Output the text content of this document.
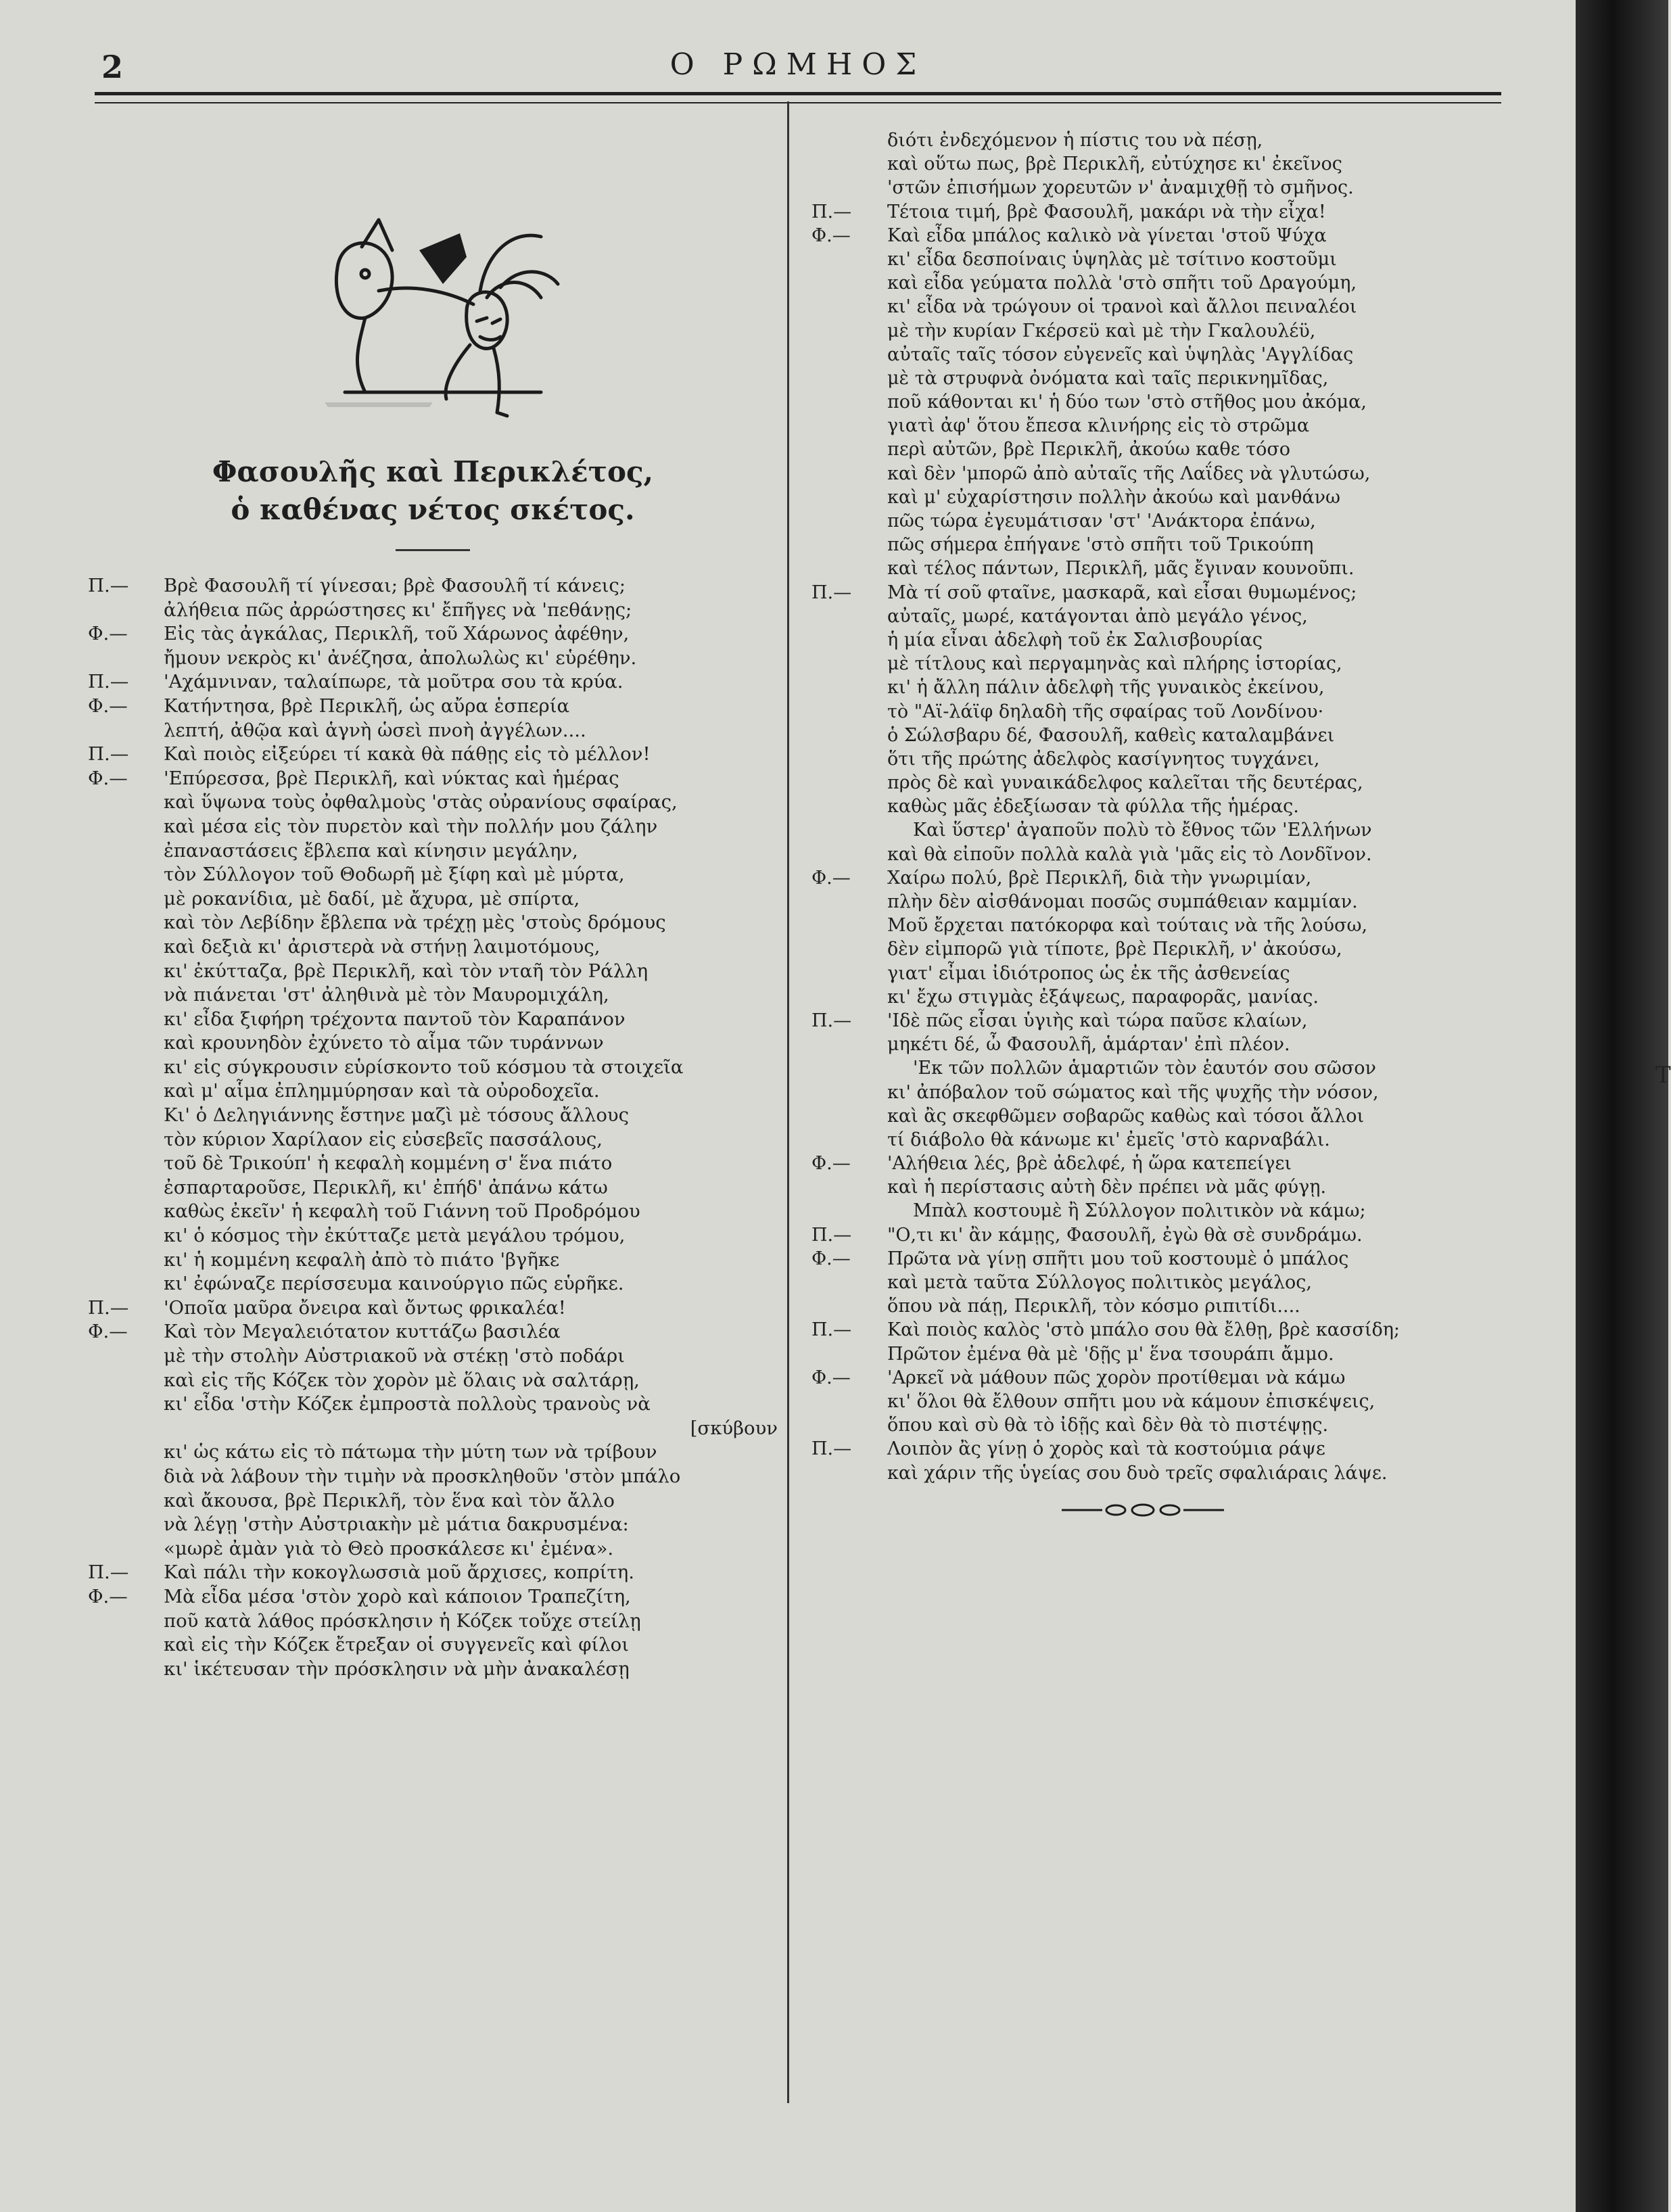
2	Ο ΡΩΜΗΟΣ
Φασουλῆς καὶ Περικλέτος,
ὁ καθένας νέτος σκέτος.
Π.— Βρὲ Φασουλῆ τί γίνεσαι; βρὲ Φασουλῆ τί κάνεις;
ἀλήθεια πῶς ἀρρώστησες κι' ἔπῆγες νὰ 'πεθάνῃς;
Φ.— Εἰς τὰς ἀγκάλας, Περικλῆ, τοῦ Χάρωνος ἀφέθην,
ἤμουν νεκρὸς κι' ἀνέζησα, ἀπολωλὼς κι' εὑρέθην.
Π.— 'Αχάμνιναν, ταλαίπωρε, τὰ μοῦτρα σου τὰ κρύα.
Φ.— Κατήντησα, βρὲ Περικλῆ, ὡς αὔρα ἑσπερία
λεπτή, ἀθῷα καὶ ἁγνὴ ὡσεὶ πνοὴ ἀγγέλων....
Π.— Καὶ ποιὸς εἰξεύρει τί κακὰ θὰ πάθῃς εἰς τὸ μέλλον!
Φ.— 'Επύρεσσα, βρὲ Περικλῆ, καὶ νύκτας καὶ ἡμέρας
καὶ ὕψωνα τοὺς ὀφθαλμοὺς 'στὰς οὐρανίους σφαίρας,
καὶ μέσα εἰς τὸν πυρετὸν καὶ τὴν πολλήν μου ζάλην
ἐπαναστάσεις ἔβλεπα καὶ κίνησιν μεγάλην,
τὸν Σύλλογον τοῦ Θοδωρῆ μὲ ξίφη καὶ μὲ μύρτα,
μὲ ροκανίδια, μὲ δαδί, μὲ ἄχυρα, μὲ σπίρτα,
καὶ τὸν Λεβίδην ἔβλεπα νὰ τρέχῃ μὲς 'στοὺς δρόμους
καὶ δεξιὰ κι' ἀριστερὰ νὰ στήνῃ λαιμοτόμους,
κι' ἐκύτταζα, βρὲ Περικλῆ, καὶ τὸν νταῆ τὸν Ράλλη
νὰ πιάνεται 'στ' ἀληθινὰ μὲ τὸν Μαυρομιχάλη,
κι' εἶδα ξιφήρη τρέχοντα παντοῦ τὸν Καραπάνον
καὶ κρουνηδὸν ἐχύνετο τὸ αἷμα τῶν τυράννων
κι' εἰς σύγκρουσιν εὑρίσκοντο τοῦ κόσμου τὰ στοιχεῖα
καὶ μ' αἷμα ἐπλημμύρησαν καὶ τὰ οὐροδοχεῖα.
Κι' ὁ Δεληγιάννης ἔστηνε μαζὶ μὲ τόσους ἄλλους
τὸν κύριον Χαρίλαον εἰς εὐσεβεῖς πασσάλους,
τοῦ δὲ Τρικούπ' ἡ κεφαλὴ κομμένη σ' ἕνα πιάτο
ἐσπαρταροῦσε, Περικλῆ, κι' ἐπήδ' ἀπάνω κάτω
καθὼς ἐκεῖν' ἡ κεφαλὴ τοῦ Γιάννη τοῦ Προδρόμου
κι' ὁ κόσμος τὴν ἐκύτταζε μετὰ μεγάλου τρόμου,
κι' ἡ κομμένη κεφαλὴ ἀπὸ τὸ πιάτο 'βγῆκε
κι' ἐφώναζε περίσσευμα καινούργιο πῶς εὑρῆκε.
Π.— 'Οποῖα μαῦρα ὄνειρα καὶ ὄντως φρικαλέα!
Φ.— Καὶ τὸν Μεγαλειότατον κυττάζω βασιλέα
μὲ τὴν στολὴν Αὐστριακοῦ νὰ στέκῃ 'στὸ ποδάρι
καὶ εἰς τῆς Κόζεκ τὸν χορὸν μὲ ὅλαις νὰ σαλτάρῃ,
κι' εἶδα 'στὴν Κόζεκ ἐμπροστὰ πολλοὺς τρανοὺς νὰ
[σκύβουν
κι' ὡς κάτω εἰς τὸ πάτωμα τὴν μύτη των νὰ τρίβουν
διὰ νὰ λάβουν τὴν τιμὴν νὰ προσκληθοῦν 'στὸν μπάλο
καὶ ἄκουσα, βρὲ Περικλῆ, τὸν ἕνα καὶ τὸν ἄλλο
νὰ λέγῃ 'στὴν Αὐστριακὴν μὲ μάτια δακρυσμένα:
«μωρὲ ἀμὰν γιὰ τὸ Θεὸ προσκάλεσε κι' ἐμένα».
Π.— Καὶ πάλι τὴν κοκογλωσσιὰ μοῦ ἄρχισες, κοπρίτη.
Φ.— Μὰ εἶδα μέσα 'στὸν χορὸ καὶ κάποιον Τραπεζίτη,
ποῦ κατὰ λάθος πρόσκλησιν ἡ Κόζεκ τοὔχε στείλῃ
καὶ εἰς τὴν Κόζεκ ἔτρεξαν οἱ συγγενεῖς καὶ φίλοι
κι' ἱκέτευσαν τὴν πρόσκλησιν νὰ μὴν ἀνακαλέσῃ
διότι ἐνδεχόμενον ἡ πίστις του νὰ πέσῃ,
καὶ οὕτω πως, βρὲ Περικλῆ, εὐτύχησε κι' ἐκεῖνος
'στῶν ἐπισήμων χορευτῶν ν' ἀναμιχθῇ τὸ σμῆνος.
Π.— Τέτοια τιμή, βρὲ Φασουλῆ, μακάρι νὰ τὴν εἶχα!
Φ.— Καὶ εἶδα μπάλος καλικὸ νὰ γίνεται 'στοῦ Ψύχα
κι' εἶδα δεσποίναις ὑψηλὰς μὲ τσίτινο κοστοῦμι
καὶ εἶδα γεύματα πολλὰ 'στὸ σπῆτι τοῦ Δραγούμη,
κι' εἶδα νὰ τρώγουν οἱ τρανοὶ καὶ ἄλλοι πειναλέοι
μὲ τὴν κυρίαν Γκέρσεϋ καὶ μὲ τὴν Γκαλουλέϋ,
αὐταῖς ταῖς τόσον εὐγενεῖς καὶ ὑψηλὰς 'Αγγλίδας
μὲ τὰ στρυφνὰ ὀνόματα καὶ ταῖς περικνημῖδας,
ποῦ κάθονται κι' ἡ δύο των 'στὸ στῆθος μου ἀκόμα,
γιατὶ ἀφ' ὅτου ἔπεσα κλινήρης εἰς τὸ στρῶμα
περὶ αὐτῶν, βρὲ Περικλῆ, ἀκούω καθε τόσο
καὶ δὲν 'μπορῶ ἀπὸ αὐταῖς τῆς Λαΐδες νὰ γλυτώσω,
καὶ μ' εὐχαρίστησιν πολλὴν ἀκούω καὶ μανθάνω
πῶς τώρα ἐγευμάτισαν 'στ' 'Ανάκτορα ἐπάνω,
πῶς σήμερα ἐπήγανε 'στὸ σπῆτι τοῦ Τρικούπη
καὶ τέλος πάντων, Περικλῆ, μᾶς ἔγιναν κουνοῦπι.
Π.— Μὰ τί σοῦ φταῖνε, μασκαρᾶ, καὶ εἶσαι θυμωμένος;
αὐταῖς, μωρέ, κατάγονται ἀπὸ μεγάλο γένος,
ἡ μία εἶναι ἀδελφὴ τοῦ ἐκ Σαλισβουρίας
μὲ τίτλους καὶ περγαμηνὰς καὶ πλήρης ἱστορίας,
κι' ἡ ἄλλη πάλιν ἀδελφὴ τῆς γυναικὸς ἐκείνου,
τὸ "Αϊ-λάϊφ δηλαδὴ τῆς σφαίρας τοῦ Λονδίνου·
ὁ Σώλσβαρυ δέ, Φασουλῆ, καθεὶς καταλαμβάνει
ὅτι τῆς πρώτης ἀδελφὸς κασίγνητος τυγχάνει,
πρὸς δὲ καὶ γυναικάδελφος καλεῖται τῆς δευτέρας,
καθὼς μᾶς ἐδεξίωσαν τὰ φύλλα τῆς ἡμέρας.
Καὶ ὕστερ' ἀγαποῦν πολὺ τὸ ἔθνος τῶν 'Ελλήνων
καὶ θὰ εἰποῦν πολλὰ καλὰ γιὰ 'μᾶς εἰς τὸ Λονδῖνον.
Φ.— Χαίρω πολύ, βρὲ Περικλῆ, διὰ τὴν γνωριμίαν,
πλὴν δὲν αἰσθάνομαι ποσῶς συμπάθειαν καμμίαν.
Μοῦ ἔρχεται πατόκορφα καὶ τούταις νὰ τῆς λούσω,
δὲν εἰμπορῶ γιὰ τίποτε, βρὲ Περικλῆ, ν' ἀκούσω,
γιατ' εἶμαι ἰδιότροπος ὡς ἐκ τῆς ἀσθενείας
κι' ἔχω στιγμὰς ἐξάψεως, παραφορᾶς, μανίας.
Π.— 'Ιδὲ πῶς εἶσαι ὑγιὴς καὶ τώρα παῦσε κλαίων,
μηκέτι δέ, ὦ Φασουλῆ, ἁμάρταν' ἐπὶ πλέον.
'Εκ τῶν πολλῶν ἁμαρτιῶν τὸν ἑαυτόν σου σῶσον
κι' ἀπόβαλον τοῦ σώματος καὶ τῆς ψυχῆς τὴν νόσον,
καὶ ἂς σκεφθῶμεν σοβαρῶς καθὼς καὶ τόσοι ἄλλοι
τί διάβολο θὰ κάνωμε κι' ἐμεῖς 'στὸ καρναβάλι.
Φ.— 'Αλήθεια λές, βρὲ ἀδελφέ, ἡ ὥρα κατεπείγει
καὶ ἡ περίστασις αὐτὴ δὲν πρέπει νὰ μᾶς φύγῃ.
Μπὰλ κοστουμὲ ἢ Σύλλογον πολιτικὸν νὰ κάμω;
Π.— "Ο,τι κι' ἂν κάμῃς, Φασουλῆ, ἐγὼ θὰ σὲ συνδράμω.
Φ.— Πρῶτα νὰ γίνῃ σπῆτι μου τοῦ κοστουμὲ ὁ μπάλος
καὶ μετὰ ταῦτα Σύλλογος πολιτικὸς μεγάλος,
ὅπου νὰ πάῃ, Περικλῆ, τὸν κόσμο ριπιτίδι....
Π.— Καὶ ποιὸς καλὸς 'στὸ μπάλο σου θὰ ἔλθῃ, βρὲ κασσίδη;
Πρῶτον ἐμένα θὰ μὲ 'δῇς μ' ἕνα τσουράπι ἄμμο.
Φ.— 'Αρκεῖ νὰ μάθουν πῶς χορὸν προτίθεμαι νὰ κάμω
κι' ὅλοι θὰ ἔλθουν σπῆτι μου νὰ κάμουν ἐπισκέψεις,
ὅπου καὶ σὺ θὰ τὸ ἰδῇς καὶ δὲν θὰ τὸ πιστέψῃς.
Π.— Λοιπὸν ἂς γίνῃ ὁ χορὸς καὶ τὰ κοστούμια ράψε
καὶ χάριν τῆς ὑγείας σου δυὸ τρεῖς σφαλιάραις λάψε.
Τ
